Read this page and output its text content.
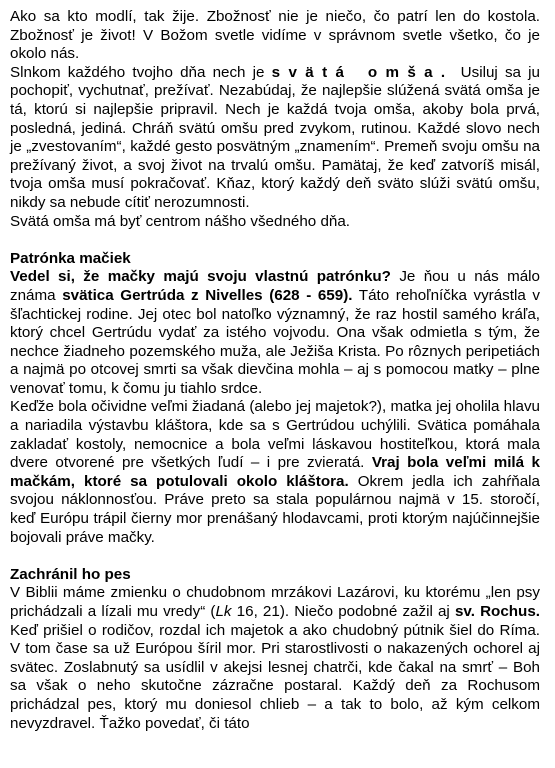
Ako sa kto modlí, tak žije. Zbožnosť nie je niečo, čo patrí len do kostola. Zbožnosť je život! V Božom svetle vidíme v správnom svetle všetko, čo je okolo nás.

Slnkom každého tvojho dňa nech je svätá omša. Usiluj sa ju pochopiť, vychutnať, prežívať. Nezabúdaj, že najlepšie slúžená svätá omša je tá, ktorú si najlepšie pripravil. Nech je každá tvoja omša, akoby bola prvá, posledná, jediná. Chráň svätú omšu pred zvykom, rutinou. Každé slovo nech je „zvestovaním“, každé gesto posvätným „znamením“. Premeň svoju omšu na prežívaný život, a svoj život na trvalú omšu. Pamätaj, že keď zatvoríš misál, tvoja omša musí pokračovať. Kňaz, ktorý každý deň sväto slúži svätú omšu, nikdy sa nebude cítiť nerozumnosti.

Svätá omša má byť centrom nášho všedného dňa.

Patrónka mačiek

Vedel si, že mačky majú svoju vlastnú patrónku? Je ňou u nás málo známa svätica Gertrúda z Nivelles (628 - 659). Táto rehoľníčka vyrástla v šľachtickej rodine. Jej otec bol natoľko významný, že raz hostil samého kráľa, ktorý chcel Gertrúdu vydať za istého vojvodu. Ona však odmietla s tým, že nechce žiadneho pozemského muža, ale Ježiša Krista. Po rôznych peripetiách a najmä po otcovej smrti sa však dievčina mohla – aj s pomocou matky – plne venovať tomu, k čomu ju tiahlo srdce.

Keďže bola očividne veľmi žiadaná (alebo jej majetok?), matka jej oholila hlavu a nariadila výstavbu kláštora, kde sa s Gertrúdou uchýlili. Svätica pomáhala zakladať kostoly, nemocnice a bola veľmi láskavou hostiteľkou, ktorá mala dvere otvorené pre všetkých ľudí – i pre zvieratá. Vraj bola veľmi milá k mačkám, ktoré sa potulovali okolo kláštora. Okrem jedla ich zahŕňala svojou náklonnosťou. Práve preto sa stala populárnou najmä v 15. storočí, keď Európu trápil čierny mor prenášaný hlodavcami, proti ktorým najúčinnejšie bojovali práve mačky.

Zachránil ho pes

V Biblii máme zmienku o chudobnom mrzákovi Lazárovi, ku ktorému „len psy prichádzali a lízali mu vredy“ (Lk 16, 21). Niečo podobné zažil aj sv. Rochus. Keď prišiel o rodičov, rozdal ich majetok a ako chudobný pútnik šiel do Ríma. V tom čase sa už Európou šíril mor. Pri starostlivosti o nakazených ochorel aj svätec. Zoslabnutý sa usídlil v akejsi lesnej chatrči, kde čakal na smrť – Boh sa však o neho skutočne zázračne postaral. Každý deň za Rochusom prichádzal pes, ktorý mu doniesol chlieb – a tak to bolo, až kým celkom nevyzdravel. Ťažko povedať, či táto
